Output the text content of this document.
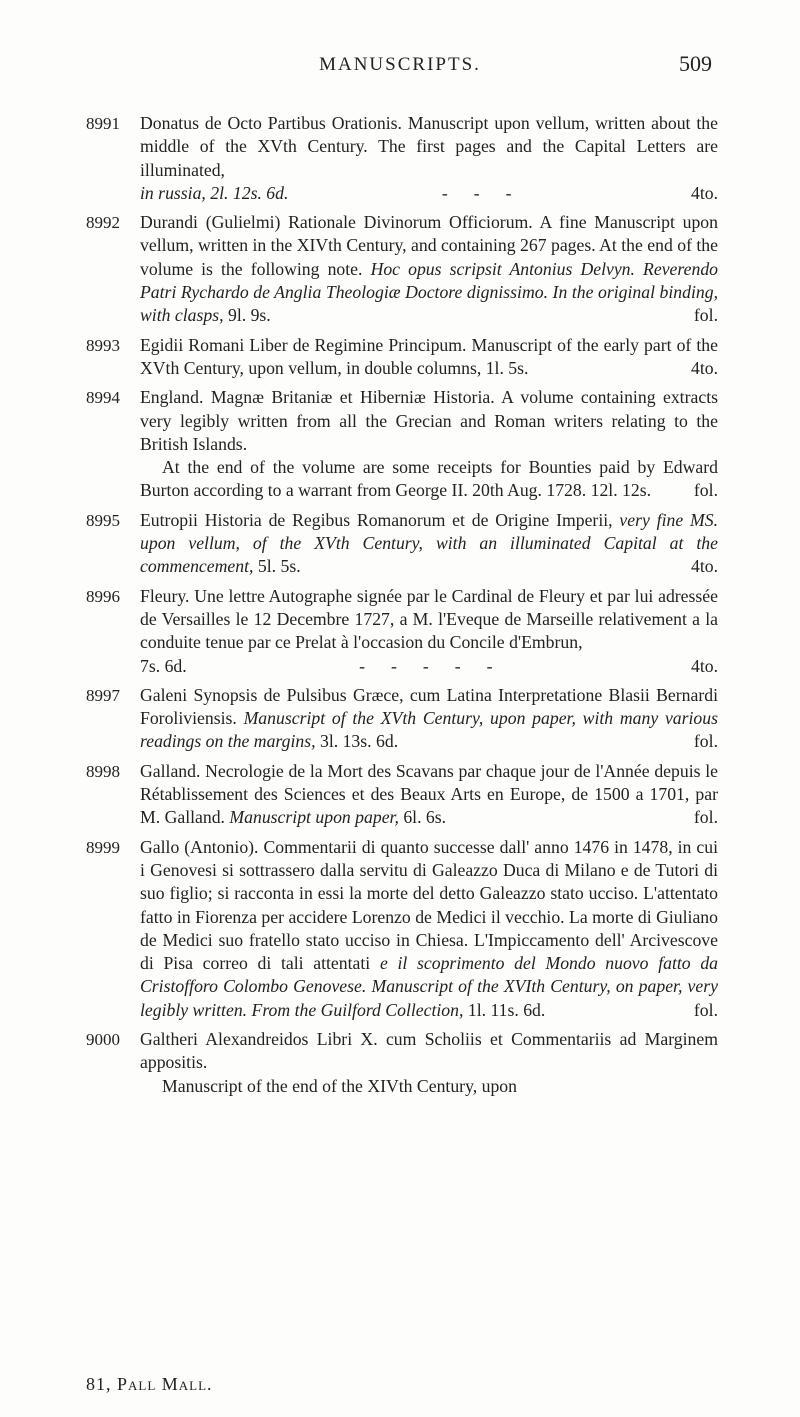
MANUSCRIPTS.	509
8991 Donatus de Octo Partibus Orationis. Manuscript upon vellum, written about the middle of the XVth Century. The first pages and the Capital Letters are illuminated,
in russia, 2l. 12s. 6d.	---	4to.
8992 Durandi (Gulielmi) Rationale Divinorum Officiorum. A fine Manuscript upon vellum, written in the XIVth Century, and containing 267 pages. At the end of the volume is the following note. Hoc opus scripsit Antonius Delvyn. Reverendo Patri Rychardo de Anglia Theologiæ Doctore dignissimo. In the original binding, with clasps, 9l. 9s.	fol.
8993 Egidii Romani Liber de Regimine Principum. Manuscript of the early part of the XVth Century, upon vellum, in double columns, 1l. 5s.	4to.
8994 England. Magnæ Britaniæ et Hiberniæ Historia. A volume containing extracts very legibly written from all the Grecian and Roman writers relating to the British Islands.
At the end of the volume are some receipts for Bounties paid by Edward Burton according to a warrant from George II. 20th Aug. 1728. 12l. 12s.	fol.
8995 Eutropii Historia de Regibus Romanorum et de Origine Imperii, very fine MS. upon vellum, of the XVth Century, with an illuminated Capital at the commencement, 5l. 5s.	4to.
8996 Fleury. Une lettre Autographe signée par le Cardinal de Fleury et par lui adressée de Versailles le 12 Decembre 1727, a M. l'Eveque de Marseille relativement a la conduite tenue par ce Prelat à l'occasion du Concile d'Embrun,
7s. 6d.	-----	4to.
8997 Galeni Synopsis de Pulsibus Græce, cum Latina Interpretatione Blasii Bernardi Foroliviensis. Manuscript of the XVth Century, upon paper, with many various readings on the margins, 3l. 13s. 6d.	fol.
8998 Galland. Necrologie de la Mort des Scavans par chaque jour de l'Année depuis le Rétablissement des Sciences et des Beaux Arts en Europe, de 1500 a 1701, par M. Galland. Manuscript upon paper, 6l. 6s.	fol.
8999 Gallo (Antonio). Commentarii di quanto successe dall' anno 1476 in 1478, in cui i Genovesi si sottrassero dalla servitu di Galeazzo Duca di Milano e de Tutori di suo figlio; si racconta in essi la morte del detto Galeazzo stato ucciso. L'attentato fatto in Fiorenza per accidere Lorenzo de Medici il vecchio. La morte di Giuliano de Medici suo fratello stato ucciso in Chiesa. L'Impiccamento dell' Arcivescove di Pisa correo di tali attentati e il scoprimento del Mondo nuovo fatto da Cristofforo Colombo Genovese. Manuscript of the XVIth Century, on paper, very legibly written. From the Guilford Collection, 1l. 11s. 6d.	fol.
9000 Galtheri Alexandreidos Libri X. cum Scholiis et Commentariis ad Marginem appositis.
Manuscript of the end of the XIVth Century, upon
81, Pall Mall.
